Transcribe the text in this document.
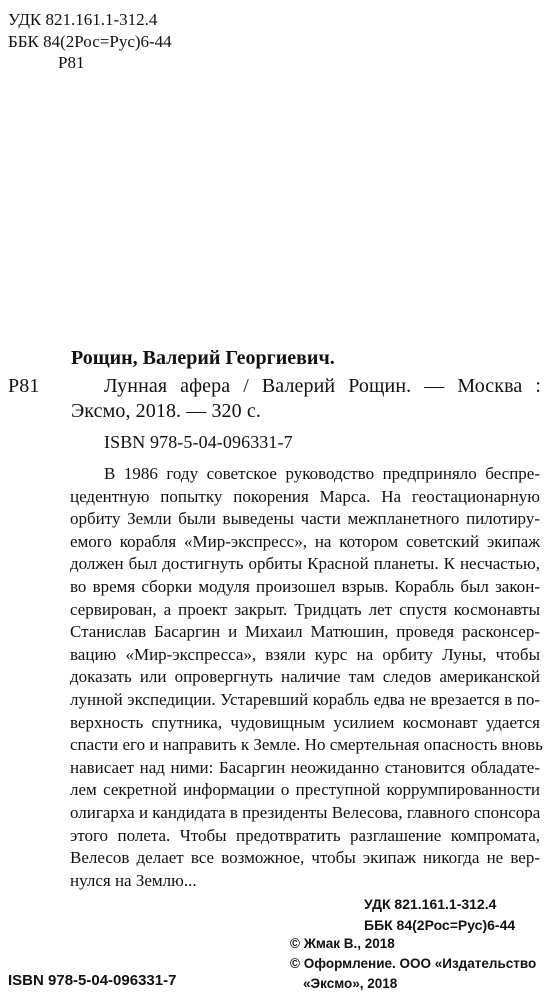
УДК 821.161.1-312.4
ББК 84(2Рос=Рус)6-44
Р81
Рощин, Валерий Георгиевич.
Р81	Лунная афера / Валерий Рощин. — Москва :
Эксмо, 2018. — 320 с.
ISBN 978-5-04-096331-7
В 1986 году советское руководство предприняло беспре-
цедентную попытку покорения Марса. На геостационарную
орбиту Земли были выведены части межпланетного пилотиру-
емого корабля «Мир-экспресс», на котором советский экипаж
должен был достигнуть орбиты Красной планеты. К несчастью,
во время сборки модуля произошел взрыв. Корабль был закон-
сервирован, а проект закрыт. Тридцать лет спустя космонавты
Станислав Басаргин и Михаил Матюшин, проведя расконсер-
вацию «Мир-экспресса», взяли курс на орбиту Луны, чтобы
доказать или опровергнуть наличие там следов американской
лунной экспедиции. Устаревший корабль едва не врезается в по-
верхность спутника, чудовищным усилием космонавт удается
спасти его и направить к Земле. Но смертельная опасность вновь
нависает над ними: Басаргин неожиданно становится обладате-
лем секретной информации о преступной коррумпированности
олигарха и кандидата в президенты Велесова, главного спонсора
этого полета. Чтобы предотвратить разглашение компромата,
Велесов делает все возможное, чтобы экипаж никогда не вер-
нулся на Землю...
УДК 821.161.1-312.4
ББК 84(2Рос=Рус)6-44
ISBN 978-5-04-096331-7
© Жмак В., 2018
© Оформление. ООО «Издательство
«Эксмо», 2018
